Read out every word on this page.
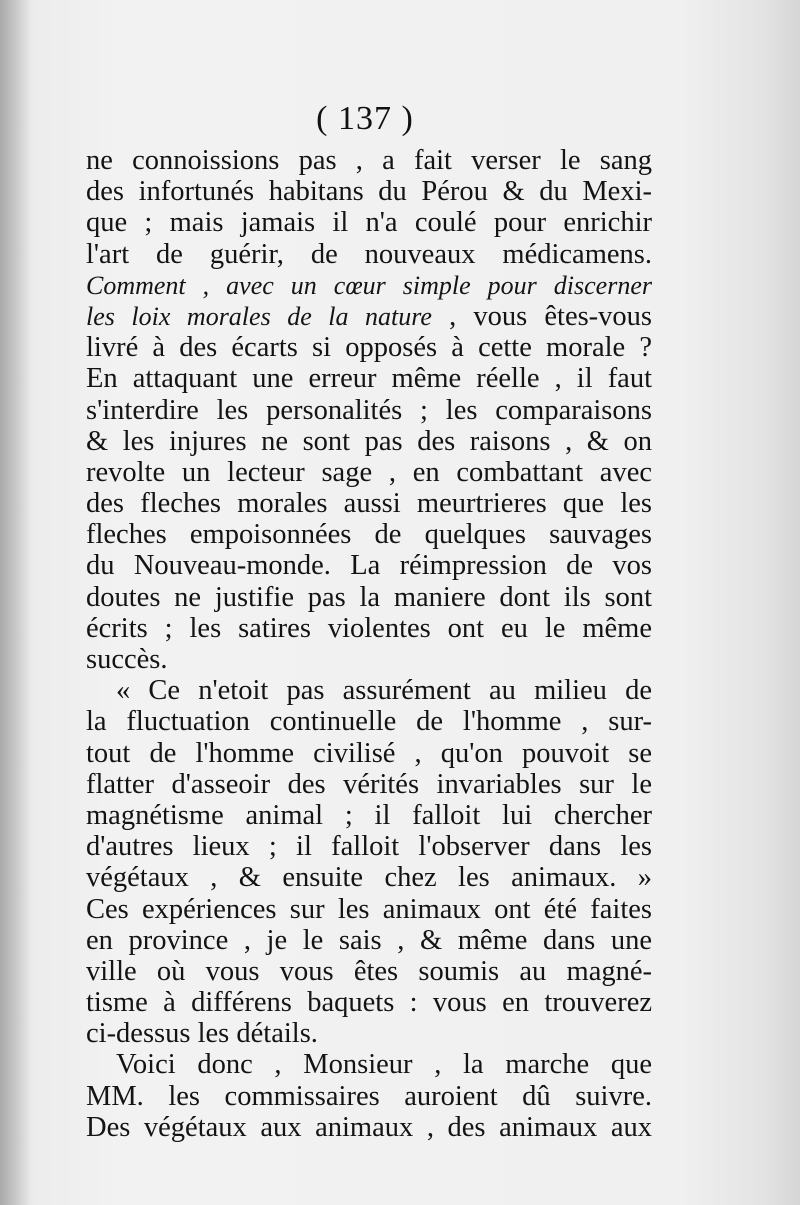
( 137 )
ne connoissions pas , a fait verser le sang
des infortunés habitans du Pérou & du Mexi-
que ; mais jamais il n'a coulé pour enrichir
l'art de guérir, de nouveaux médicamens.
Comment , avec un cœur simple pour discerner
les loix morales de la nature , vous êtes-vous
livré à des écarts si opposés à cette morale ?
En attaquant une erreur même réelle , il faut
s'interdire les personalités ; les comparaisons
& les injures ne sont pas des raisons , & on
revolte un lecteur sage , en combattant avec
des fleches morales aussi meurtrieres que les
fleches empoisonnées de quelques sauvages
du Nouveau-monde. La réimpression de vos
doutes ne justifie pas la maniere dont ils sont
écrits ; les satires violentes ont eu le même
succès.
« Ce n'etoit pas assurément au milieu de
la fluctuation continuelle de l'homme , sur-
tout de l'homme civilisé , qu'on pouvoit se
flatter d'asseoir des vérités invariables sur le
magnétisme animal ; il falloit lui chercher
d'autres lieux ; il falloit l'observer dans les
végétaux , & ensuite chez les animaux. »
Ces expériences sur les animaux ont été faites
en province , je le sais , & même dans une
ville où vous vous êtes soumis au magné-
tisme à différens baquets : vous en trouverez
ci-dessus les détails.
Voici donc , Monsieur , la marche que
MM. les commissaires auroient dû suivre.
Des végétaux aux animaux , des animaux aux
